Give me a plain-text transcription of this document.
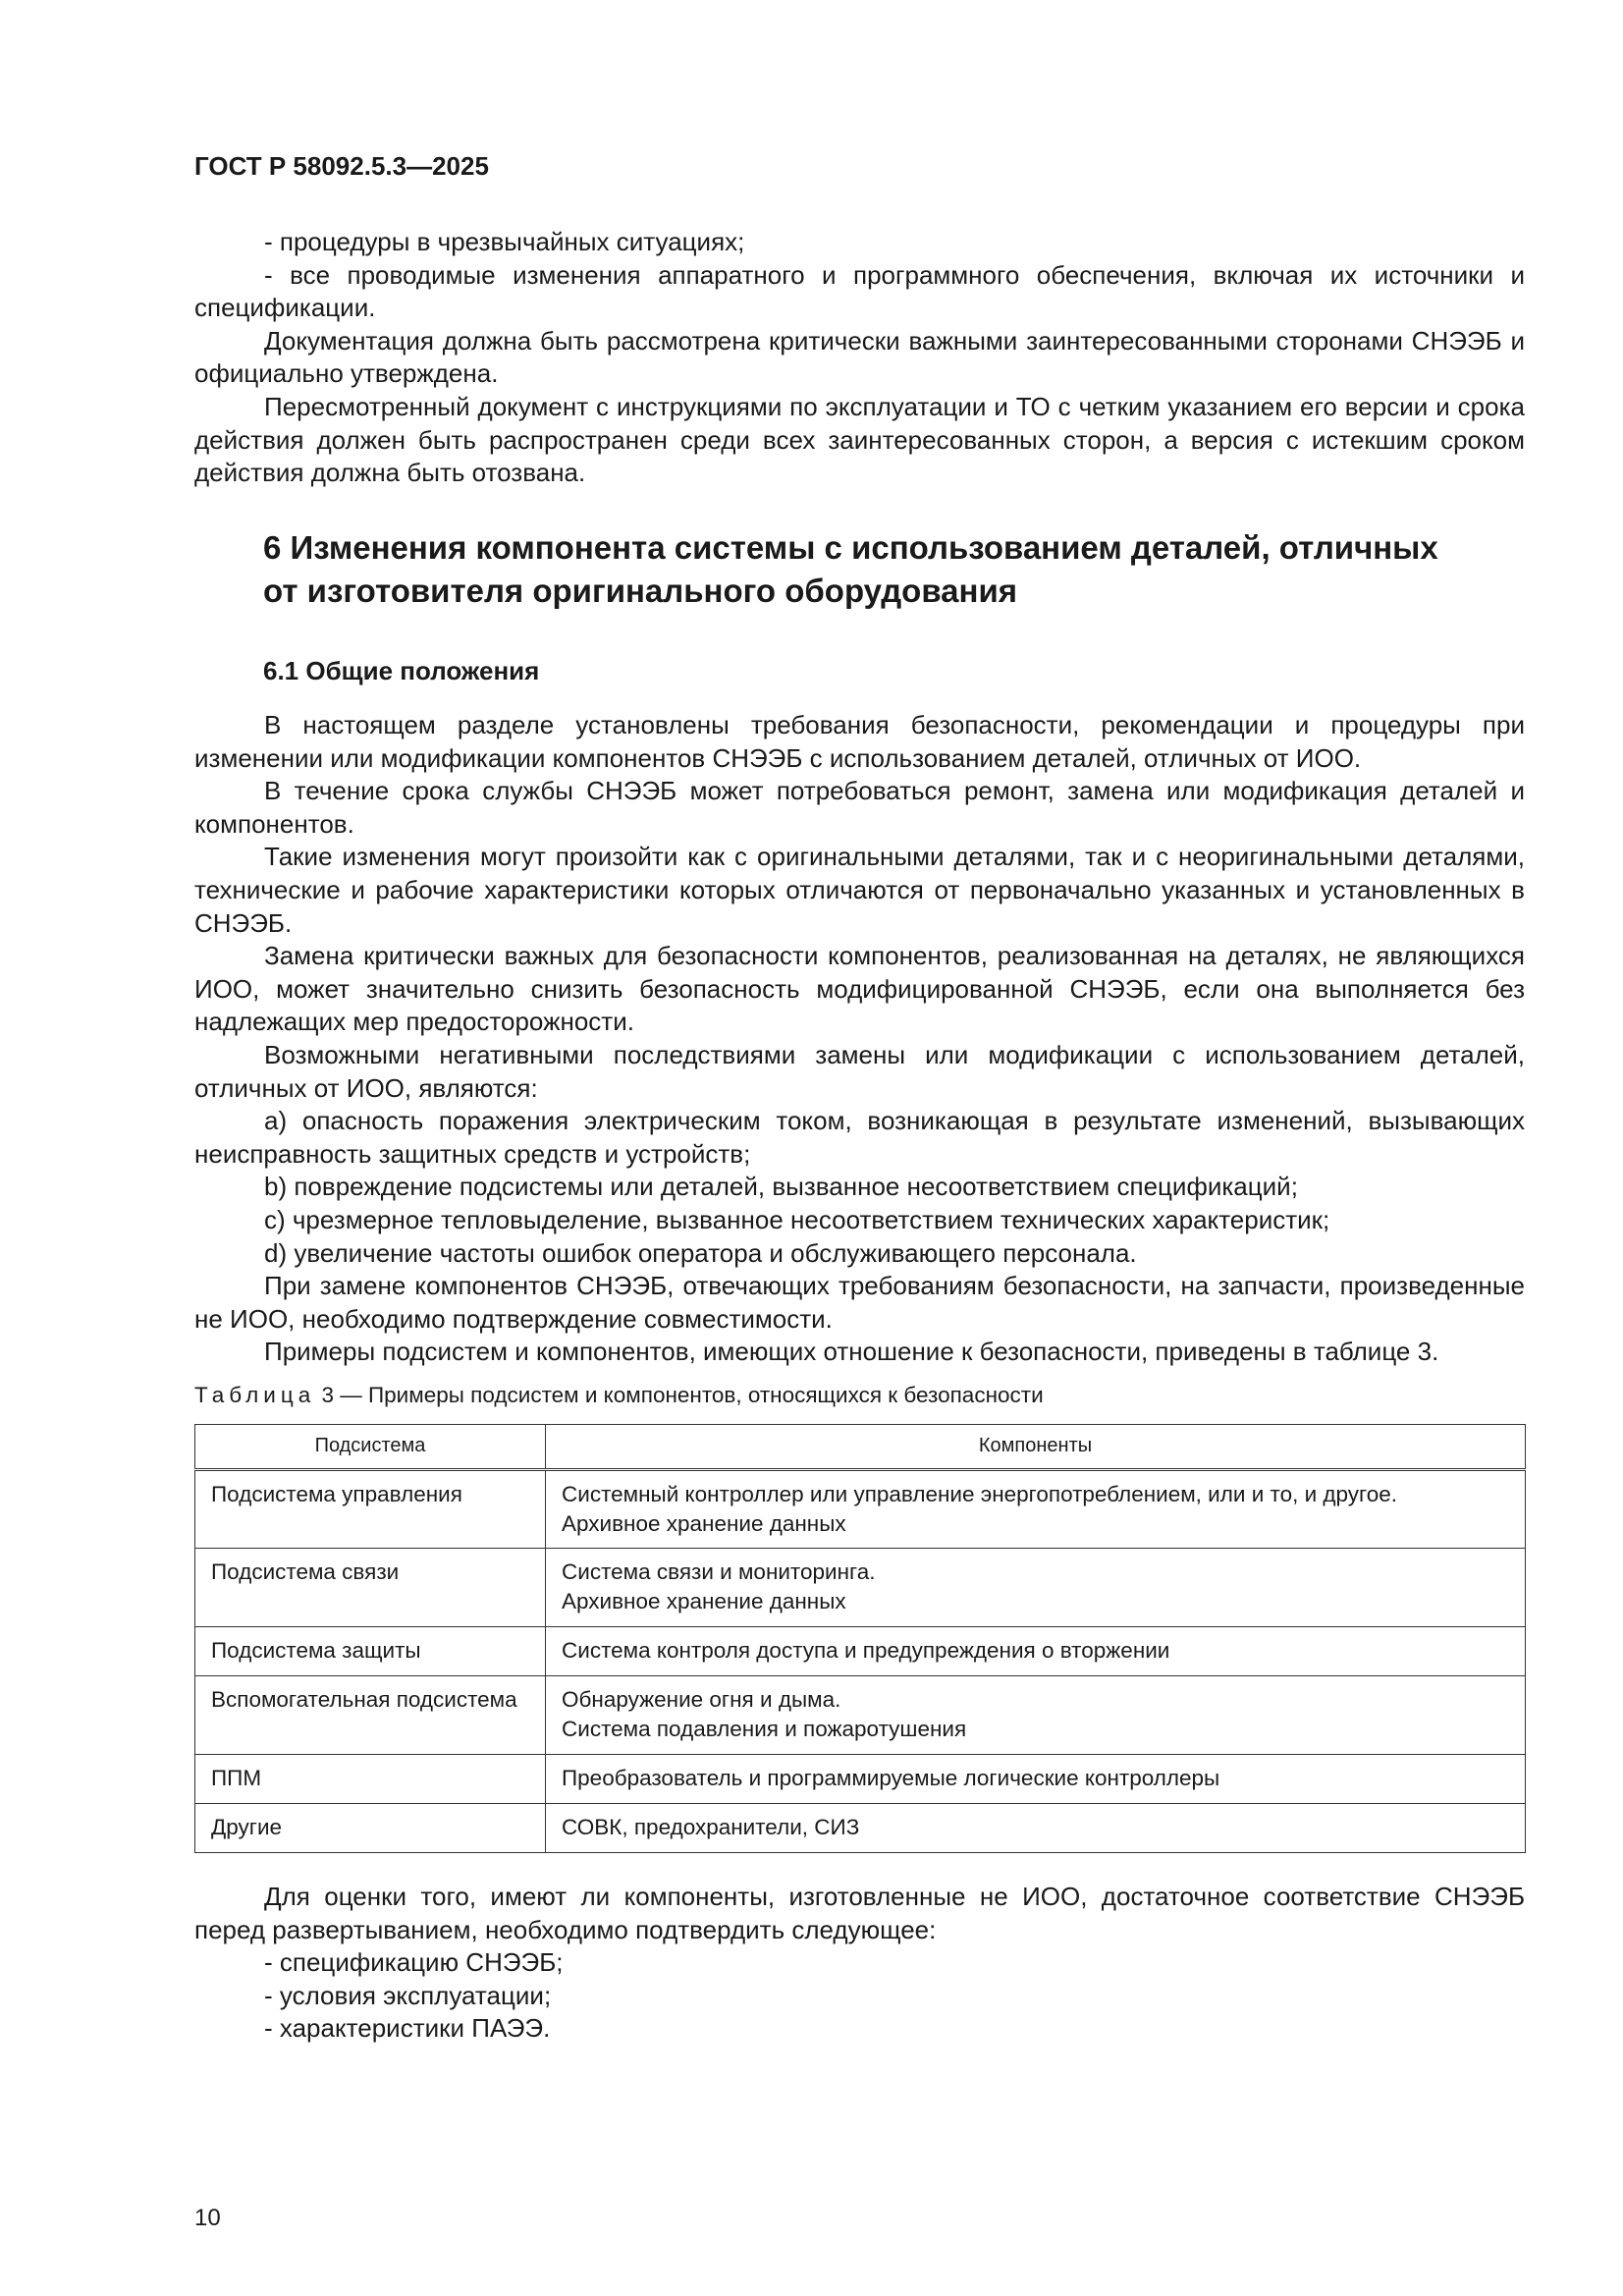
ГОСТ Р 58092.5.3—2025

- процедуры в чрезвычайных ситуациях;

- все проводимые изменения аппаратного и программного обеспечения, включая их источники и спецификации.

Документация должна быть рассмотрена критически важными заинтересованными сторонами СНЭЭБ и официально утверждена.

Пересмотренный документ с инструкциями по эксплуатации и ТО с четким указанием его версии и срока действия должен быть распространен среди всех заинтересованных сторон, а версия с истекшим сроком действия должна быть отозвана.

6 Изменения компонента системы с использованием деталей, отличных
от изготовителя оригинального оборудования
6.1 Общие положения

В настоящем разделе установлены требования безопасности, рекомендации и процедуры при изменении или модификации компонентов СНЭЭБ с использованием деталей, отличных от ИОО.

В течение срока службы СНЭЭБ может потребоваться ремонт, замена или модификация деталей и компонентов.

Такие изменения могут произойти как с оригинальными деталями, так и с неоригинальными деталями, технические и рабочие характеристики которых отличаются от первоначально указанных и установленных в СНЭЭБ.

Замена критически важных для безопасности компонентов, реализованная на деталях, не являющихся ИОО, может значительно снизить безопасность модифицированной СНЭЭБ, если она выполняется без надлежащих мер предосторожности.

Возможными негативными последствиями замены или модификации с использованием деталей, отличных от ИОО, являются:

a) опасность поражения электрическим током, возникающая в результате изменений, вызывающих неисправность защитных средств и устройств;

b) повреждение подсистемы или деталей, вызванное несоответствием спецификаций;

c) чрезмерное тепловыделение, вызванное несоответствием технических характеристик;

d) увеличение частоты ошибок оператора и обслуживающего персонала.

При замене компонентов СНЭЭБ, отвечающих требованиям безопасности, на запчасти, произведенные не ИОО, необходимо подтверждение совместимости.

Примеры подсистем и компонентов, имеющих отношение к безопасности, приведены в таблице 3.

Таблица 3 — Примеры подсистем и компонентов, относящихся к безопасности
Подсистема	Компоненты
Подсистема управления	Системный контроллер или управление энергопотреблением, или и то, и другое.
Архивное хранение данных

Подсистема связи	Система связи и мониторинга.
Архивное хранение данных

Подсистема защиты	Система контроля доступа и предупреждения о вторжении

Вспомогательная подсистема	Обнаружение огня и дыма.
Система подавления и пожаротушения

ППМ	Преобразователь и программируемые логические контроллеры

Другие	СОВК, предохранители, СИЗ

Для оценки того, имеют ли компоненты, изготовленные не ИОО, достаточное соответствие СНЭЭБ перед развертыванием, необходимо подтвердить следующее:

- спецификацию СНЭЭБ;

- условия эксплуатации;

- характеристики ПАЭЭ.

10
